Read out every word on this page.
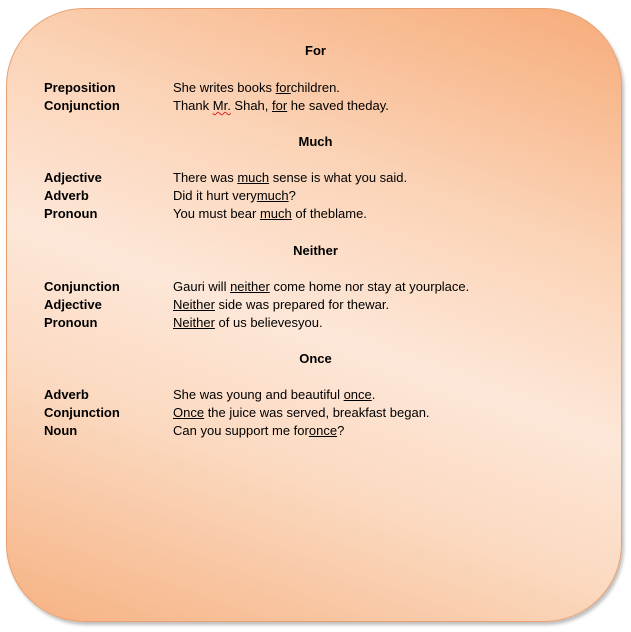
For
Preposition	She writes books forchildren.
Conjunction	Thank Mr. Shah, for he saved theday.
Much
Adjective	There was much sense is what you said.
Adverb	Did it hurt verymuch?
Pronoun	You must bear much of theblame.
Neither
Conjunction	Gauri will neither come home nor stay at yourplace.
Adjective	Neither side was prepared for thewar.
Pronoun	Neither of us believesyou.
Once
Adverb	She was young and beautiful once.
Conjunction	Once the juice was served, breakfast began.
Noun	Can you support me foronce?
